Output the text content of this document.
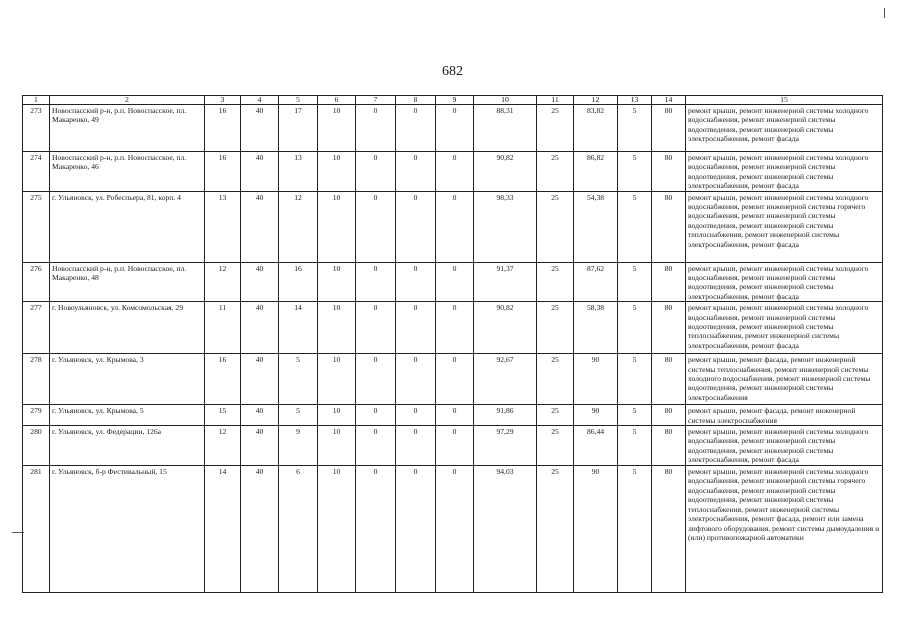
682
1	2	3	4	5	6	7	8	9	10	11	12	13	14	15
273	Новоспасский р-н, р.п. Новоспасское, пл. Макаренко, 49	16	40	17	10	0	0	0	88,31	25	83,82	5	80	ремонт крыши, ремонт инженерной системы холодного водоснабжения, ремонт инженерной системы водоотведения, ремонт инженерной системы электроснабжения, ремонт фасада
274	Новоспасский р-н, р.п. Новоспасское, пл. Макаренко, 46	16	40	13	10	0	0	0	90,82	25	86,82	5	80	ремонт крыши, ремонт инженерной системы холодного водоснабжения, ремонт инженерной системы водоотведения, ремонт инженерной системы электроснабжения, ремонт фасада
275	г. Ульяновск, ул. Робеспьера, 81, корп. 4	13	40	12	10	0	0	0	98,33	25	54,38	5	80	ремонт крыши, ремонт инженерной системы холодного водоснабжения, ремонт инженерной системы горячего водоснабжения, ремонт инженерной системы водоотведения, ремонт инженерной системы теплоснабжения, ремонт инженерной системы электроснабжения, ремонт фасада
276	Новоспасский р-н, р.п. Новоспасское, пл. Макаренко, 48	12	40	16	10	0	0	0	91,37	25	87,62	5	80	ремонт крыши, ремонт инженерной системы холодного водоснабжения, ремонт инженерной системы водоотведения, ремонт инженерной системы электроснабжения, ремонт фасада
277	г. Новоульяновск, ул. Комсомольская, 29	11	40	14	10	0	0	0	90,82	25	58,38	5	80	ремонт крыши, ремонт инженерной системы холодного водоснабжения, ремонт инженерной системы водоотведения, ремонт инженерной системы теплоснабжения, ремонт инженерной системы электроснабжения, ремонт фасада
278	г. Ульяновск, ул. Крымова, 3	16	40	5	10	0	0	0	92,67	25	90	5	80	ремонт крыши, ремонт фасада, ремонт инженерной системы теплоснабжения, ремонт инженерной системы холодного водоснабжения, ремонт инженерной системы водоотведения, ремонт инженерной системы электроснабжения
279	г. Ульяновск, ул. Крымова, 5	15	40	5	10	0	0	0	91,86	25	90	5	80	ремонт крыши, ремонт фасада, ремонт инженерной системы электроснабжения
280	г. Ульяновск, ул. Федерации, 126а	12	40	9	10	0	0	0	97,29	25	86,44	5	80	ремонт крыши, ремонт инженерной системы холодного водоснабжения, ремонт инженерной системы водоотведения, ремонт инженерной системы электроснабжения, ремонт фасада
281	г. Ульяновск, б-р Фестивальный, 15	14	40	6	10	0	0	0	94,03	25	90	5	80	ремонт крыши, ремонт инженерной системы холодного водоснабжения, ремонт инженерной системы горячего водоснабжения, ремонт инженерной системы водоотведения, ремонт инженерной системы теплоснабжения, ремонт инженерной системы электроснабжения, ремонт фасада, ремонт или замена лифтового оборудования, ремонт системы дымоудаления и (или) противопожарной автоматики
